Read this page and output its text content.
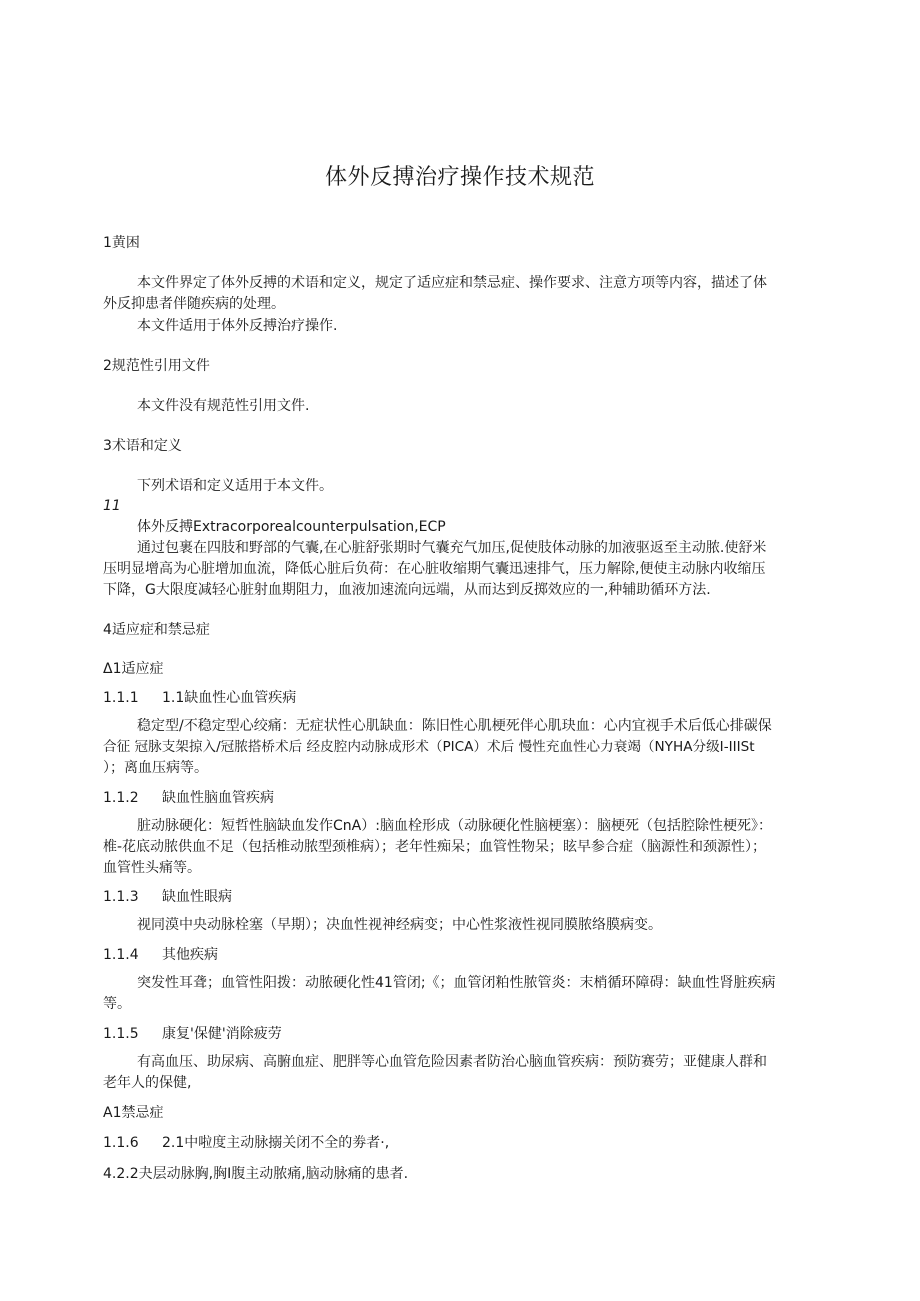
体外反搏治疗操作技术规范
1黄困
本文件界定了体外反搏的术语和定义，规定了适应症和禁忌症、操作要求、注意方项等内容，描述了体
外反抑患者伴随疾病的处理。
本文件适用于体外反搏治疗操作.
2规范性引用文件
本文件没有规范性引用文件.
3术语和定义
下列术语和定义适用于本文件。
11
体外反搏Extracorporealcounterpulsation,ECP
通过包裹在四肢和野部的气囊,在心脏舒张期时气囊充气加压,促使肢体动脉的加液驱返至主动脓.使舒米
压明显增高为心脏增加血流，降低心脏后负荷：在心脏收缩期气囊迅速排气，压力解除,便使主动脉内收缩压
下降，G大限度减轻心脏射血期阻力，血液加速流向远端，从而达到反掷效应的一,种辅助循环方法.
4适应症和禁忌症
Δ1适应症
1.1.1 1.1缺血性心血管疾病
稳定型/不稳定型心绞痛：无症状性心肌缺血：陈旧性心肌梗死伴心肌玦血：心内宜视手术后低心排碳保
合征 冠脉支架掠入/冠脓搭桥术后 经皮腔内动脉成形术（PICA）术后 慢性充血性心力衰竭（NYHA分级I-IIISt
）；离血压病等。
1.1.2 缺血性脑血管疾病
脏动脉硬化：短哲性脑缺血发作CnA）:脑血栓形成（动脉硬化性脑梗塞）：脑梗死（包括腔除性梗死》：
椎-花底动脓供血不足（包括椎动脓型颈椎病）；老年性痴呆；血管性物呆；眩早参合症（脑源性和颈源性）；
血管性头痛等。
1.1.3 缺血性眼病
视同漠中央动脉栓塞（早期）；决血性视神经病变；中心性浆液性视同膜脓络膜病变。
1.1.4 其他疾病
突发性耳聋；血管性阳拨：动脓硬化性41管闭;《；血管闭粕性脓管炎：末梢循环障碍：缺血性肾脏疾病
等。
1.1.5 康复'保健'消除疲劳
有高血压、助尿病、高腑血症、肥胖等心血管危险因素者防治心脑血管疾病：预防赛劳；亚健康人群和
老年人的保健,
A1禁忌症
1.1.6 2.1中啦度主动脉搦关闭不全的劵者·,
4.2.2夬层动脉胸,胸I腹主动脓痛,脑动脉痛的患者.
